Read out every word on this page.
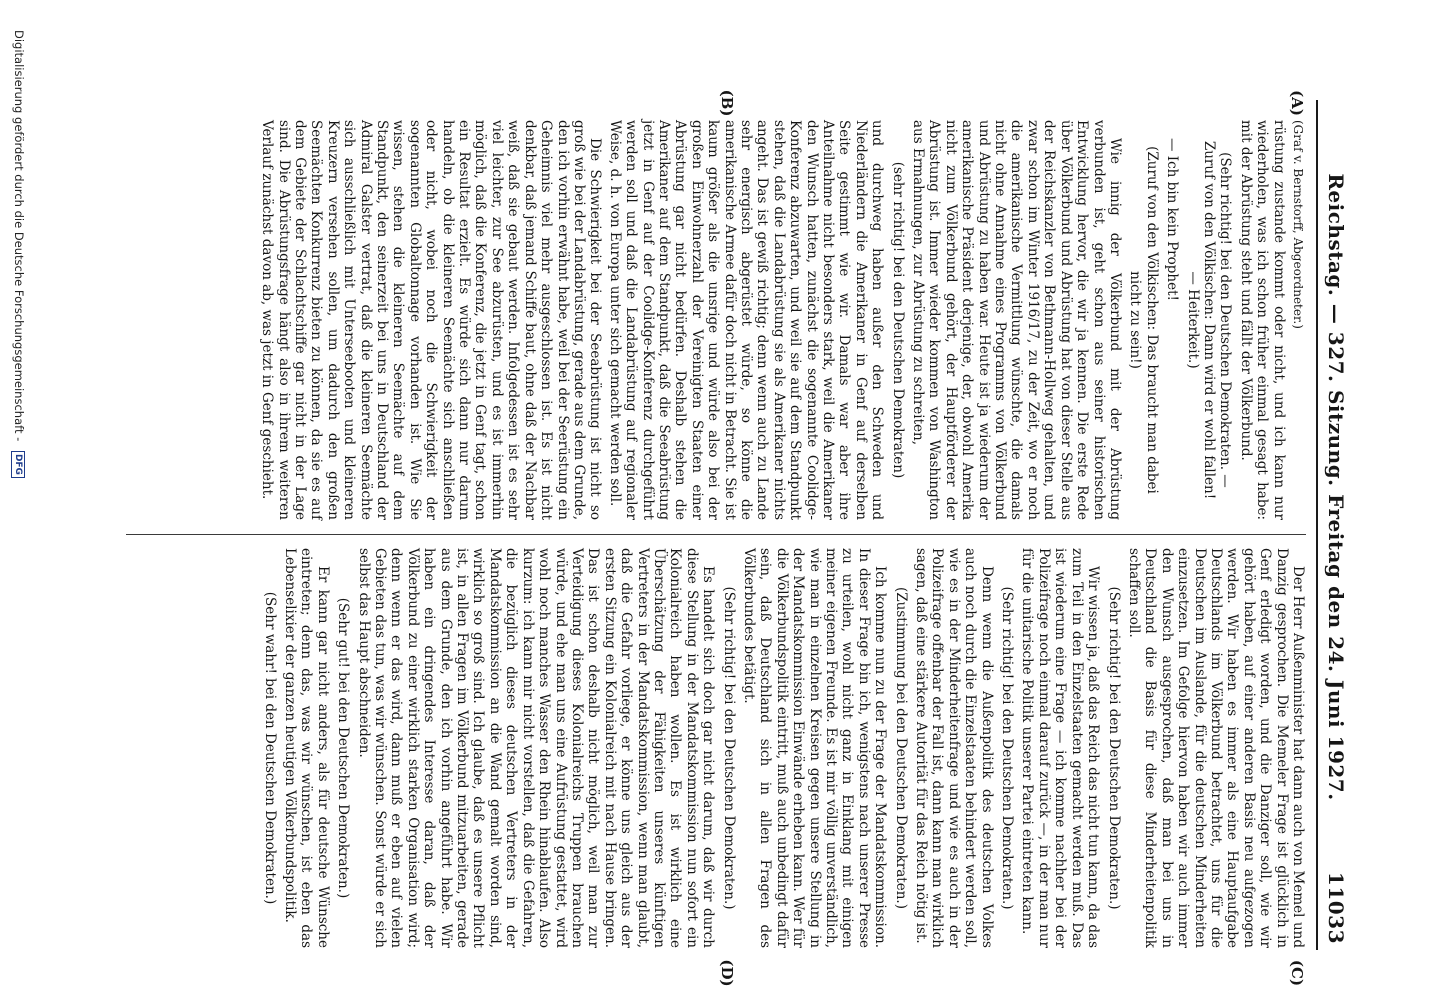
Reichstag. — 327. Sitzung. Freitag den 24. Juni 1927.
11033
(A)
(B)
(C)
(D)

(Graf v. Bernstorff, Abgeordneter.)

rüstung zustande kommt oder nicht, und ich kann nur wiederholen, was ich schon früher einmal gesagt habe: mit der Abrüstung steht und fällt der Völkerbund.

(Sehr richtig! bei den Deutschen Demokraten. — Zuruf von den Völkischen: Dann wird er wohl fallen! — Heiterkeit.)

— Ich bin kein Prophet!

(Zuruf von den Völkischen: Das braucht man dabei nicht zu sein!)

Wie innig der Völkerbund mit der Abrüstung verbunden ist, geht schon aus seiner historischen Entwicklung hervor, die wir ja kennen. Die erste Rede über Völkerbund und Abrüstung hat von dieser Stelle aus der Reichskanzler von Bethmann-Hollweg gehalten, und zwar schon im Winter 1916/17, zu der Zeit, wo er noch die amerikanische Vermittlung wünschte, die damals nicht ohne Annahme eines Programms von Völkerbund und Abrüstung zu haben war. Heute ist ja wiederum der amerikanische Präsident derjenige, der, obwohl Amerika nicht zum Völkerbund gehört, der Hauptförderer der Abrüstung ist. Immer wieder kommen von Washington aus Ermahnungen, zur Abrüstung zu schreiten,

(sehr richtig! bei den Deutschen Demokraten)

und durchweg haben außer den Schweden und Niederländern die Amerikaner in Genf auf derselben Seite gestimmt wie wir. Damals war aber ihre Anteilnahme nicht besonders stark, weil die Amerikaner den Wunsch hatten, zunächst die sogenannte Coolidge-Konferenz abzuwarten, und weil sie auf dem Standpunkt stehen, daß die Landabrüstung sie als Amerikaner nichts angeht. Das ist gewiß richtig; denn wenn auch zu Lande sehr energisch abgerüstet würde, so könne die amerikanische Armee dafür doch nicht in Betracht. Sie ist kaum größer als die unsrige und würde also bei der großen Einwohnerzahl der Vereinigten Staaten einer Abrüstung gar nicht bedürfen. Deshalb stehen die Amerikaner auf dem Standpunkt, daß die Seeabrüstung jetzt in Genf auf der Coolidge-Konferenz durchgeführt werden soll und daß die Landabrüstung auf regionaler Weise, d. h. von Europa unter sich gemacht werden soll.

Die Schwierigkeit bei der Seeabrüstung ist nicht so groß wie bei der Landabrüstung, gerade aus dem Grunde, den ich vorhin erwähnt habe, weil bei der Seerüstung ein Geheimnis viel mehr ausgeschlossen ist. Es ist nicht denkbar, daß jemand Schiffe baut, ohne daß der Nachbar weiß, daß sie gebaut werden. Infolgedessen ist es sehr viel leichter, zur See abzurüsten, und es ist immerhin möglich, daß die Konferenz, die jetzt in Genf tagt, schon ein Resultat erzielt. Es würde sich dann nur darum handeln, ob die kleineren Seemächte sich anschließen oder nicht, wobei noch die Schwierigkeit der sogenannten Globaltonnage vorhanden ist. Wie Sie wissen, stehen die kleineren Seemächte auf dem Standpunkt, den seinerzeit bei uns in Deutschland der Admiral Galster vertrat, daß die kleineren Seemächte sich ausschließlich mit Unterseebooten und kleineren Kreuzern versehen sollen, um dadurch den großen Seemächten Konkurrenz bieten zu können, da sie es auf dem Gebiete der Schlachtschiffe gar nicht in der Lage sind. Die Abrüstungsfrage hängt also in ihrem weiteren Verlauf zunächst davon ab, was jetzt in Genf geschieht.

Der Herr Außenminister hat dann auch von Memel und Danzig gesprochen. Die Memeler Frage ist glücklich in Genf erledigt worden, und die Danziger soll, wie wir gehört haben, auf einer anderen Basis neu aufgezogen werden. Wir haben es immer als eine Hauptaufgabe Deutschlands im Völkerbund betrachtet, uns für die Deutschen im Auslande, für die deutschen Minderheiten einzusetzen. Im Gefolge hiervon haben wir auch immer den Wunsch ausgesprochen, daß man bei uns in Deutschland die Basis für diese Minderheitenpolitik schaffen soll.

(Sehr richtig! bei den Deutschen Demokraten.)

Wir wissen ja, daß das Reich das nicht tun kann, da das zum Teil in den Einzelstaaten gemacht werden muß. Das ist wiederum eine Frage — ich komme nachher bei der Polizeifrage noch einmal darauf zurück —, in der man nur für die unitarische Politik unserer Partei eintreten kann.

(Sehr richtig! bei den Deutschen Demokraten.)

Denn wenn die Außenpolitik des deutschen Volkes auch noch durch die Einzelstaaten behindert werden soll, wie es in der Minderheitenfrage und wie es auch in der Polizeifrage offenbar der Fall ist, dann kann man wirklich sagen, daß eine stärkere Autorität für das Reich nötig ist.

(Zustimmung bei den Deutschen Demokraten.)

Ich komme nun zu der Frage der Mandatskommission. In dieser Frage bin ich, wenigstens nach unserer Presse zu urteilen, wohl nicht ganz in Einklang mit einigen meiner eigenen Freunde. Es ist mir völlig unverständlich, wie man in einzelnen Kreisen gegen unsere Stellung in der Mandatskommission Einwände erheben kann. Wer für die Völkerbundspolitik eintritt, muß auch unbedingt dafür sein, daß Deutschland sich in allen Fragen des Völkerbundes betätigt.

(Sehr richtig! bei den Deutschen Demokraten.)

Es handelt sich doch gar nicht darum, daß wir durch diese Stellung in der Mandatskommission nun sofort ein Kolonialreich haben wollen. Es ist wirklich eine Überschätzung der Fähigkeiten unseres künftigen Vertreters in der Mandatskommission, wenn man glaubt, daß die Gefahr vorliege, er könne uns gleich aus der ersten Sitzung ein Kolonialreich mit nach Hause bringen. Das ist schon deshalb nicht möglich, weil man zur Verteidigung dieses Kolonialreichs Truppen brauchen würde, und ehe man uns eine Aufrüstung gestattet, wird wohl noch manches Wasser den Rhein hinablaufen. Also kurzum: ich kann mir nicht vorstellen, daß die Gefahren, die bezüglich dieses deutschen Vertreters in der Mandatskommission an die Wand gemalt worden sind, wirklich so groß sind. Ich glaube, daß es unsere Pflicht ist, in allen Fragen im Völkerbund mitzuarbeiten, gerade aus dem Grunde, den ich vorhin angeführt habe. Wir haben ein dringendes Interesse daran, daß der Völkerbund zu einer wirklich starken Organisation wird; denn wenn er das wird, dann muß er eben auf vielen Gebieten das tun, was wir wünschen. Sonst würde er sich selbst das Haupt abschneiden.

(Sehr gut! bei den Deutschen Demokraten.)

Er kann gar nicht anders, als für deutsche Wünsche eintreten; denn das, was wir wünschen, ist eben das Lebenselixier der ganzen heutigen Völkerbundspolitik.

(Sehr wahr! bei den Deutschen Demokraten.)

Digitalisierung gefördert durch die Deutsche Forschungsgemeinschaft - DFG
